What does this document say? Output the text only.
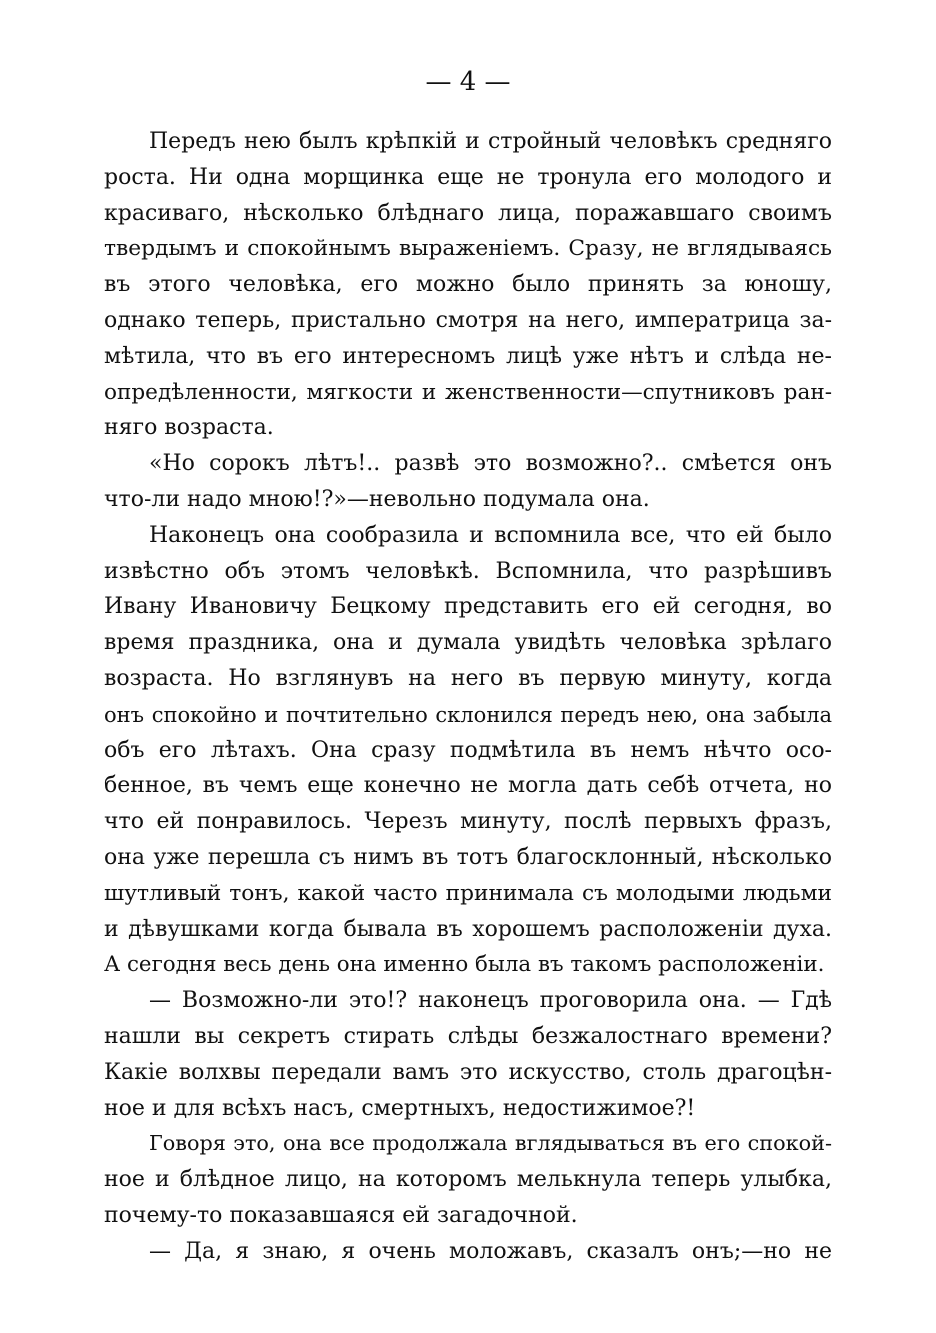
— 4 —
Передъ нею былъ крѣпкій и стройный человѣкъ средняго
роста. Ни одна морщинка еще не тронула его молодого и
красиваго, нѣсколько блѣднаго лица, поражавшаго своимъ
твердымъ и спокойнымъ выраженіемъ. Сразу, не вглядываясь
въ этого человѣка, его можно было принять за юношу,
однако теперь, пристально смотря на него, императрица за-
мѣтила, что въ его интересномъ лицѣ уже нѣтъ и слѣда не-
опредѣленности, мягкости и женственности—спутниковъ ран-
няго возраста.
«Но сорокъ лѣтъ!.. развѣ это возможно?.. смѣется онъ
что-ли надо мною!?»—невольно подумала она.
Наконецъ она сообразила и вспомнила все, что ей было
извѣстно объ этомъ человѣкѣ. Вспомнила, что разрѣшивъ
Ивану Ивановичу Бецкому представить его ей сегодня, во
время праздника, она и думала увидѣть человѣка зрѣлаго
возраста. Но взглянувъ на него въ первую минуту, когда
онъ спокойно и почтительно склонился передъ нею, она забыла
объ его лѣтахъ. Она сразу подмѣтила въ немъ нѣчто осо-
бенное, въ чемъ еще конечно не могла дать себѣ отчета, но
что ей понравилось. Черезъ минуту, послѣ первыхъ фразъ,
она уже перешла съ нимъ въ тотъ благосклонный, нѣсколько
шутливый тонъ, какой часто принимала съ молодыми людьми
и дѣвушками когда бывала въ хорошемъ расположеніи духа.
А сегодня весь день она именно была въ такомъ расположеніи.
— Возможно-ли это!? наконецъ проговорила она. — Гдѣ
нашли вы секретъ стирать слѣды безжалостнаго времени?
Какіе волхвы передали вамъ это искусство, столь драгоцѣн-
ное и для всѣхъ насъ, смертныхъ, недостижимое?!
Говоря это, она все продолжала вглядываться въ его спокой-
ное и блѣдное лицо, на которомъ мелькнула теперь улыбка,
почему-то показавшаяся ей загадочной.
— Да, я знаю, я очень моложавъ, сказалъ онъ;—но не
